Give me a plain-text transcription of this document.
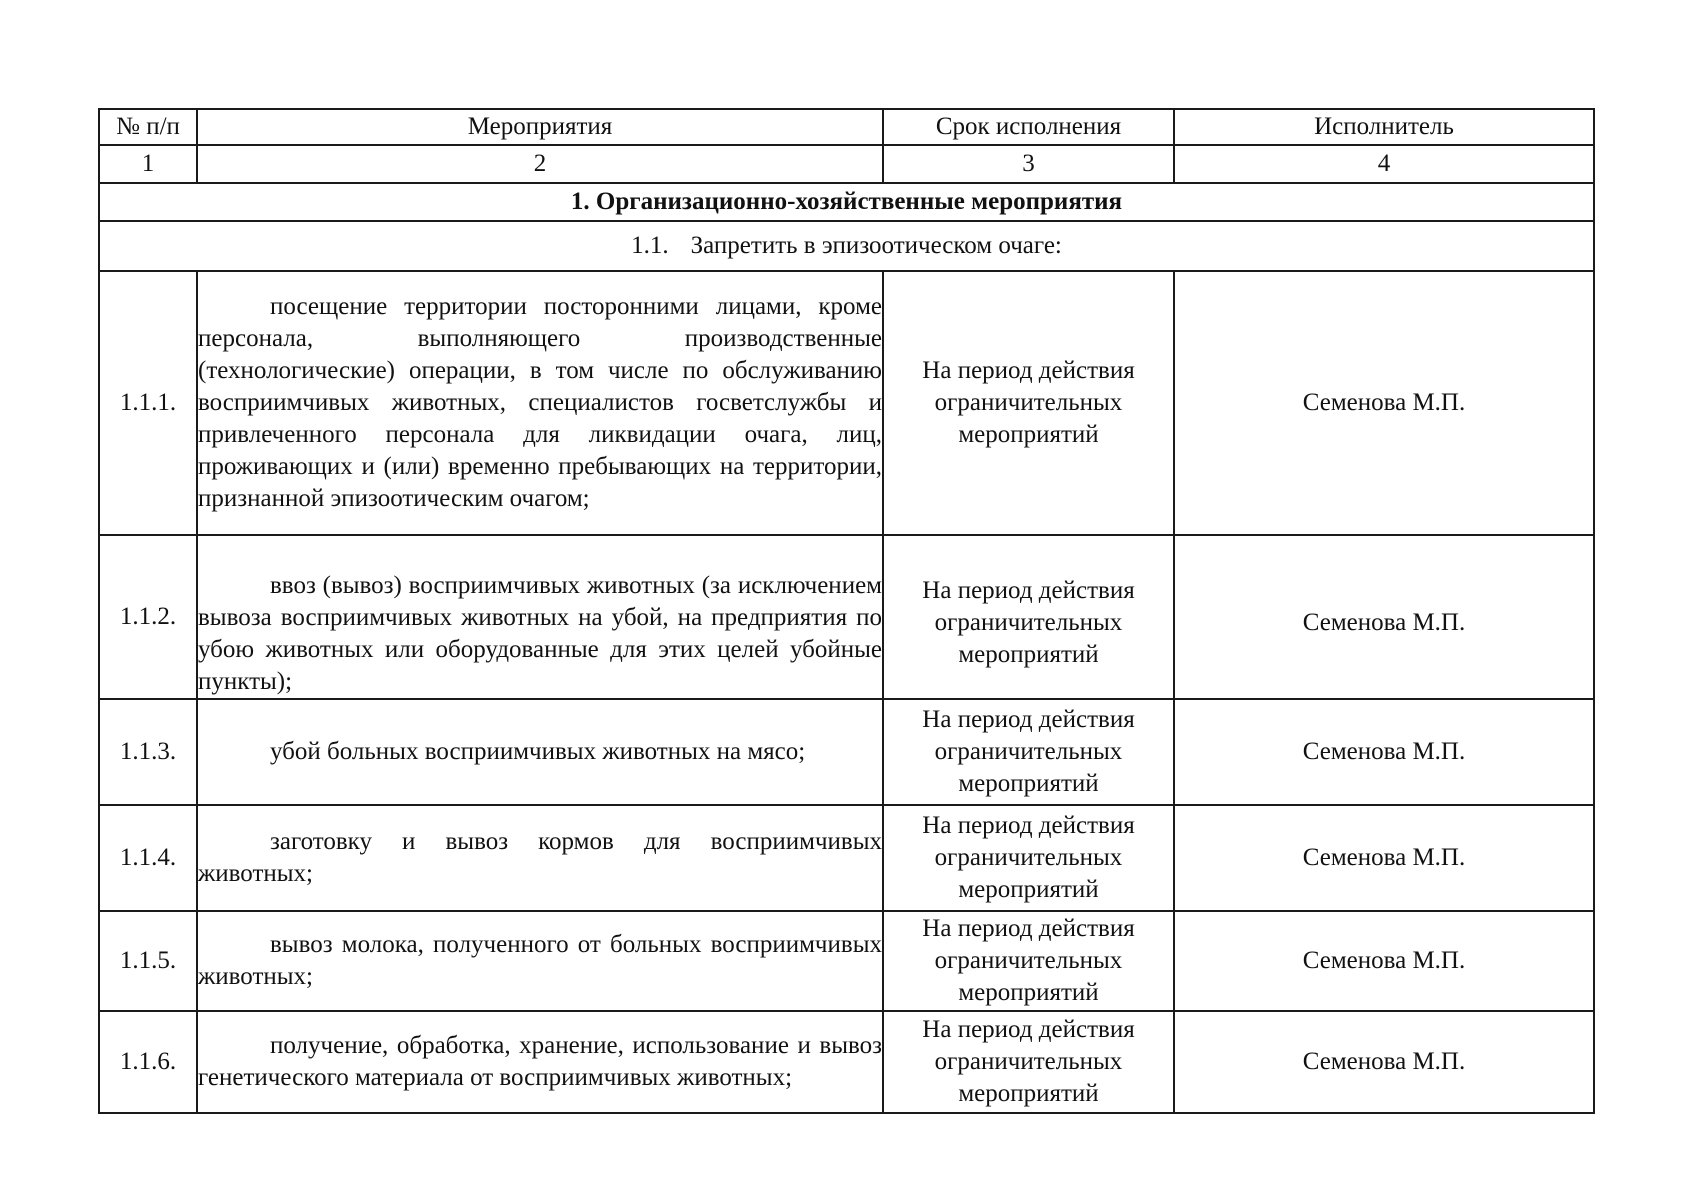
№ п/п	Мероприятия	Срок исполнения	Исполнитель
1	2	3	4
1. Организационно-хозяйственные мероприятия			
1.1. Запретить в эпизоотическом очаге:			
1.1.1.	посещение территории посторонними лицами, кроме персонала, выполняющего производственные (технологические) операции, в том числе по обслуживанию восприимчивых животных, специалистов госветслужбы и привлеченного персонала для ликвидации очага, лиц, проживающих и (или) временно пребывающих на территории, признанной эпизоотическим очагом;	На период действия ограничительных мероприятий	Семенова М.П.
1.1.2.	ввоз (вывоз) восприимчивых животных (за исключением вывоза восприимчивых животных на убой, на предприятия по убою животных или оборудованные для этих целей убойные пункты);	На период действия ограничительных мероприятий	Семенова М.П.

1.1.3.	убой больных восприимчивых животных на мясо;	На период действия ограничительных мероприятий	Семенова М.П.
1.1.4.	заготовку и вывоз кормов для восприимчивых животных;	На период действия ограничительных мероприятий	Семенова М.П.
1.1.5.	вывоз молока, полученного от больных восприимчивых животных;	На период действия ограничительных мероприятий	Семенова М.П.
1.1.6.	получение, обработка, хранение, использование и вывоз генетического материала от восприимчивых животных;	На период действия ограничительных мероприятий	Семенова М.П.
